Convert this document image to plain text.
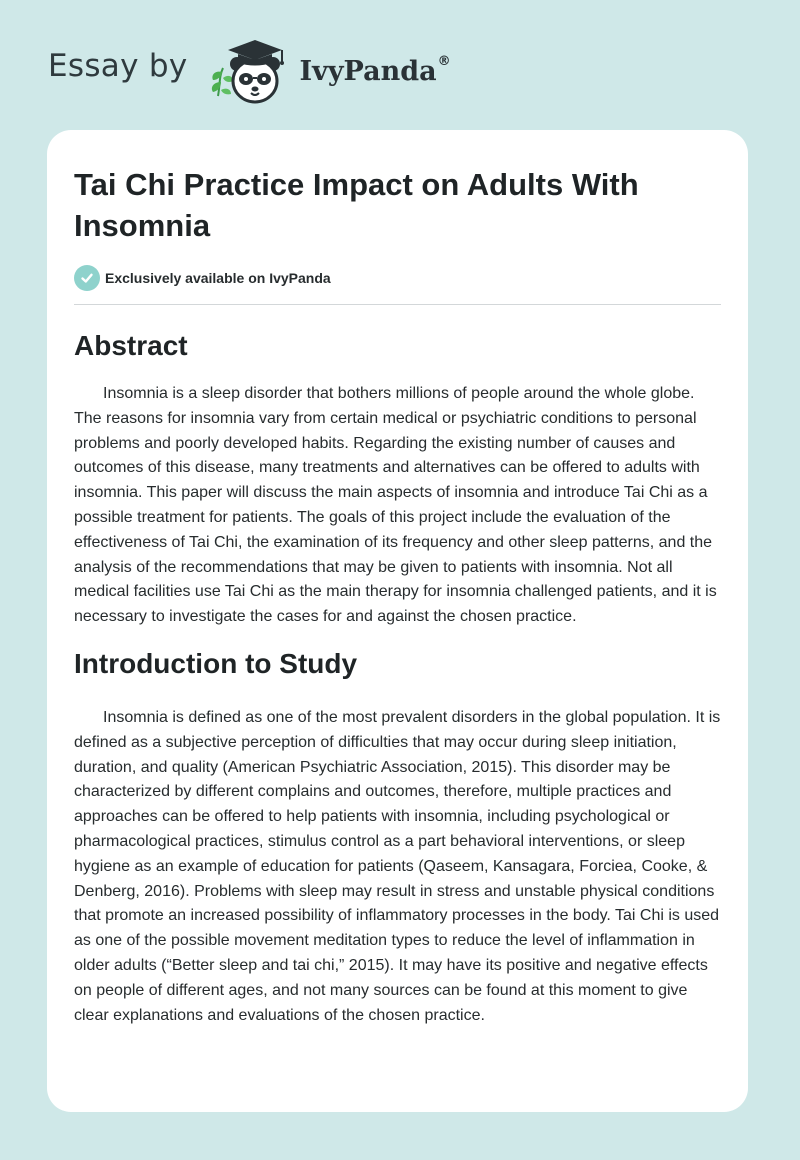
Essay by	IvyPanda®
Tai Chi Practice Impact on Adults With Insomnia
Exclusively available on IvyPanda
Abstract

Insomnia is a sleep disorder that bothers millions of people around the whole globe. The reasons for insomnia vary from certain medical or psychiatric conditions to personal problems and poorly developed habits. Regarding the existing number of causes and outcomes of this disease, many treatments and alternatives can be offered to adults with insomnia. This paper will discuss the main aspects of insomnia and introduce Tai Chi as a possible treatment for patients. The goals of this project include the evaluation of the effectiveness of Tai Chi, the examination of its frequency and other sleep patterns, and the analysis of the recommendations that may be given to patients with insomnia. Not all medical facilities use Tai Chi as the main therapy for insomnia challenged patients, and it is necessary to investigate the cases for and against the chosen practice.

Introduction to Study

Insomnia is defined as one of the most prevalent disorders in the global population. It is defined as a subjective perception of difficulties that may occur during sleep initiation, duration, and quality (American Psychiatric Association, 2015). This disorder may be characterized by different complains and outcomes, therefore, multiple practices and approaches can be offered to help patients with insomnia, including psychological or pharmacological practices, stimulus control as a part behavioral interventions, or sleep hygiene as an example of education for patients (Qaseem, Kansagara, Forciea, Cooke, & Denberg, 2016). Problems with sleep may result in stress and unstable physical conditions that promote an increased possibility of inflammatory processes in the body. Tai Chi is used as one of the possible movement meditation types to reduce the level of inflammation in older adults (“Better sleep and tai chi,” 2015). It may have its positive and negative effects on people of different ages, and not many sources can be found at this moment to give clear explanations and evaluations of the chosen practice.
